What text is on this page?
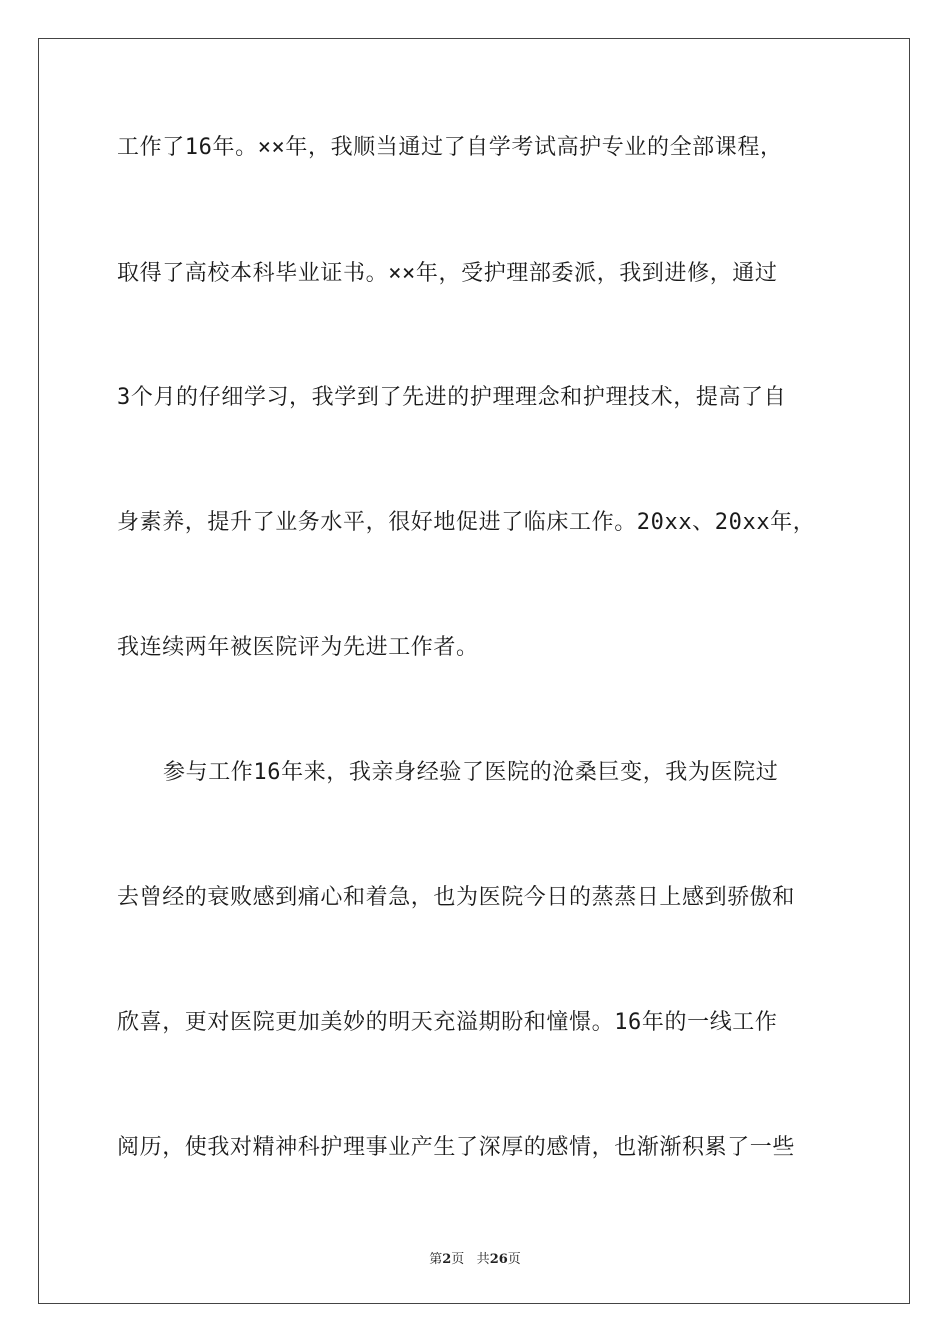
工作了16年。××年，我顺当通过了自学考试高护专业的全部课程，
取得了高校本科毕业证书。××年，受护理部委派，我到进修，通过
3个月的仔细学习，我学到了先进的护理理念和护理技术，提高了自
身素养，提升了业务水平，很好地促进了临床工作。20xx、20xx年，
我连续两年被医院评为先进工作者。
参与工作16年来，我亲身经验了医院的沧桑巨变，我为医院过
去曾经的衰败感到痛心和着急，也为医院今日的蒸蒸日上感到骄傲和
欣喜，更对医院更加美妙的明天充溢期盼和憧憬。16年的一线工作
阅历，使我对精神科护理事业产生了深厚的感情，也渐渐积累了一些
第2页 共26页
